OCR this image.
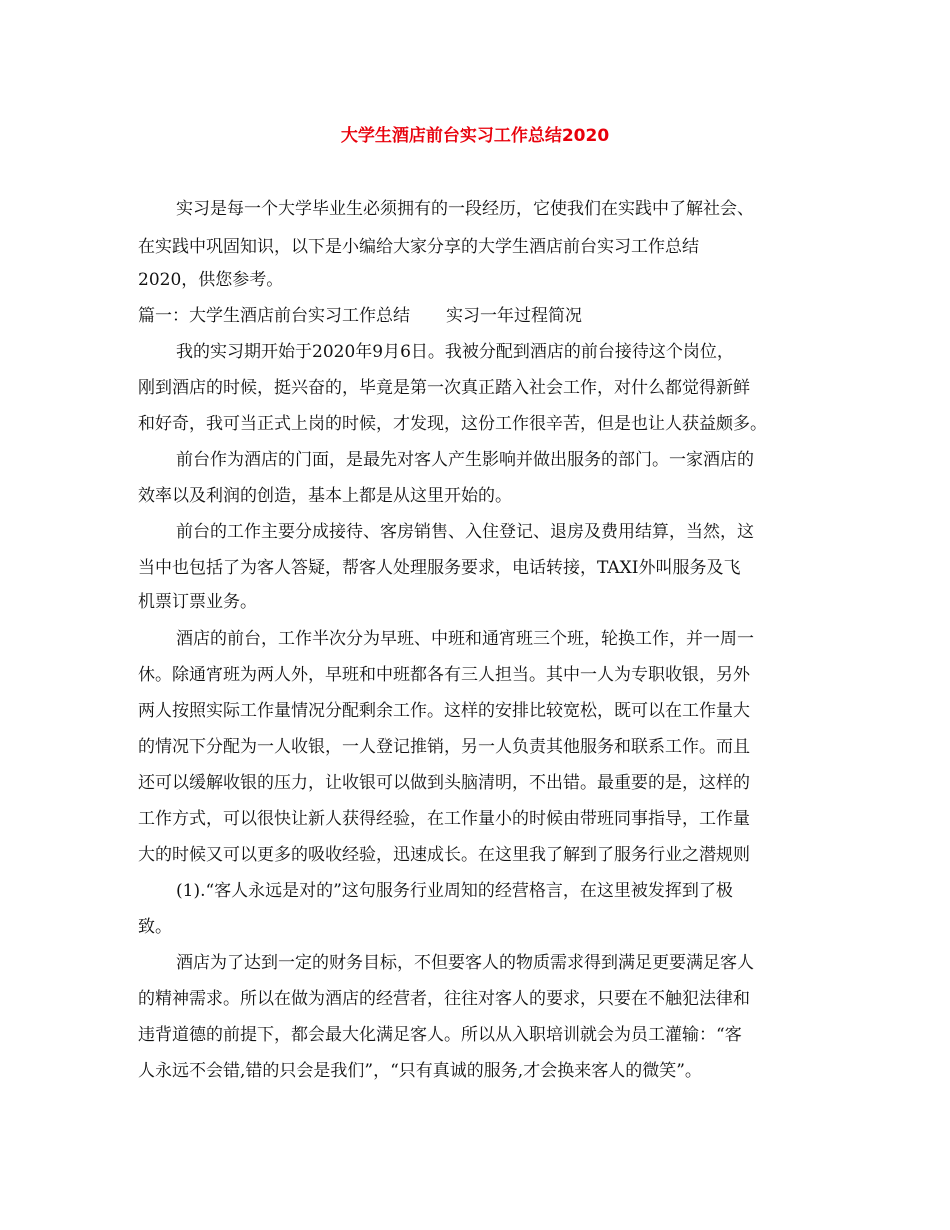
大学生酒店前台实习工作总结2020
实习是每一个大学毕业生必须拥有的一段经历，它使我们在实践中了解社会、
在实践中巩固知识，以下是小编给大家分享的大学生酒店前台实习工作总结
2020，供您参考。
篇一：大学生酒店前台实习工作总结 实习一年过程简况
我的实习期开始于2020年9月6日。我被分配到酒店的前台接待这个岗位，
刚到酒店的时候，挺兴奋的，毕竟是第一次真正踏入社会工作，对什么都觉得新鲜
和好奇，我可当正式上岗的时候，才发现，这份工作很辛苦，但是也让人获益颇多。
前台作为酒店的门面，是最先对客人产生影响并做出服务的部门。一家酒店的
效率以及利润的创造，基本上都是从这里开始的。
前台的工作主要分成接待、客房销售、入住登记、退房及费用结算，当然，这
当中也包括了为客人答疑，帮客人处理服务要求，电话转接，TAXI外叫服务及飞
机票订票业务。
酒店的前台，工作半次分为早班、中班和通宵班三个班，轮换工作，并一周一
休。除通宵班为两人外，早班和中班都各有三人担当。其中一人为专职收银，另外
两人按照实际工作量情况分配剩余工作。这样的安排比较宽松，既可以在工作量大
的情况下分配为一人收银，一人登记推销，另一人负责其他服务和联系工作。而且
还可以缓解收银的压力，让收银可以做到头脑清明，不出错。最重要的是，这样的
工作方式，可以很快让新人获得经验，在工作量小的时候由带班同事指导，工作量
大的时候又可以更多的吸收经验，迅速成长。在这里我了解到了服务行业之潜规则
(1).“客人永远是对的”这句服务行业周知的经营格言，在这里被发挥到了极
致。
酒店为了达到一定的财务目标，不但要客人的物质需求得到满足更要满足客人
的精神需求。所以在做为酒店的经营者，往往对客人的要求，只要在不触犯法律和
违背道德的前提下，都会最大化满足客人。所以从入职培训就会为员工灌输：“客
人永远不会错,错的只会是我们”，“只有真诚的服务,才会换来客人的微笑”。
